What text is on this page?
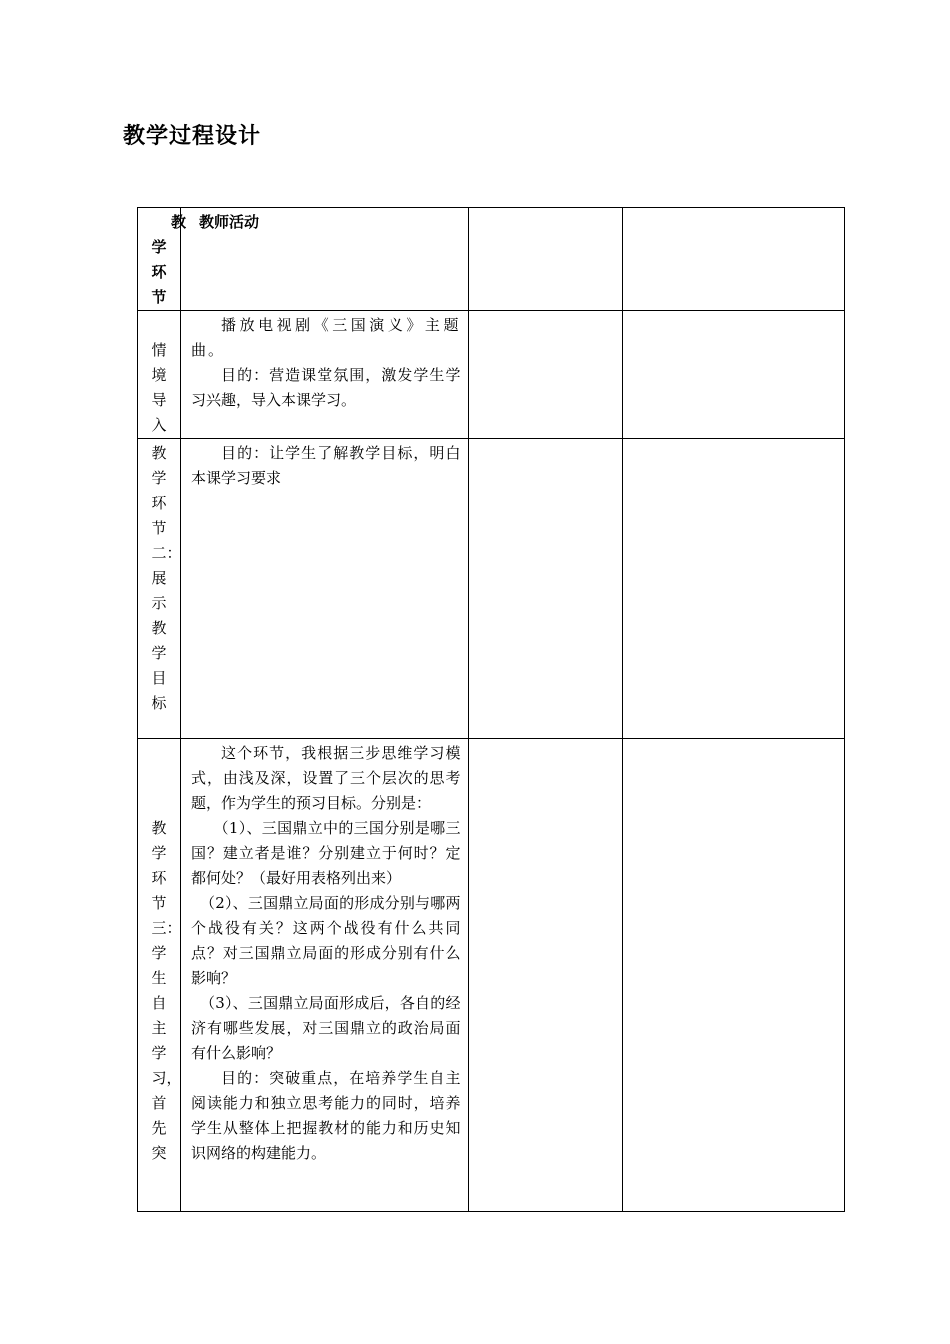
教学过程设计
教
学环节	教师活动		

情境导入	播放电视剧《三国演义》主题曲。

目的：营造课堂氛围，激发学生学习兴趣，导入本课学习。		

教学环节二：展示教学目标	目的：让学生了解教学目标，明白本课学习要求		

教学环节三：学生自主学习，首先突	这个环节，我根据三步思维学习模式，由浅及深，设置了三个层次的思考题，作为学生的预习目标。分别是：

（1）、三国鼎立中的三国分别是哪三国？建立者是谁？分别建立于何时？定都何处？（最好用表格列出来）

（2）、三国鼎立局面的形成分别与哪两个战役有关？这两个战役有什么共同点？对三国鼎立局面的形成分别有什么影响？

（3）、三国鼎立局面形成后，各自的经济有哪些发展，对三国鼎立的政治局面有什么影响？

目的：突破重点，在培养学生自主阅读能力和独立思考能力的同时，培养学生从整体上把握教材的能力和历史知识网络的构建能力。		
